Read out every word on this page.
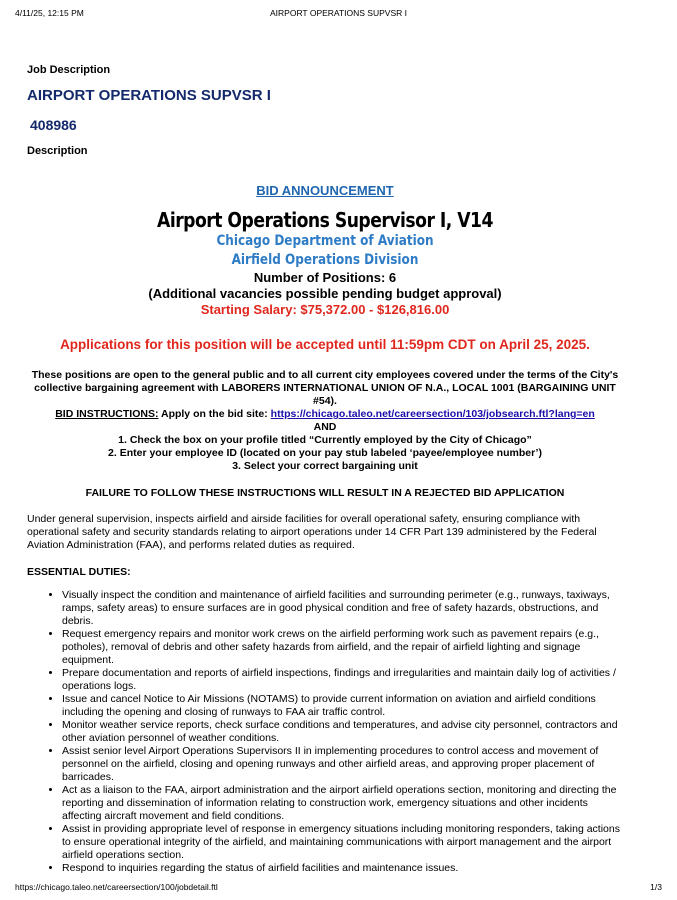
4/11/25, 12:15 PM	AIRPORT OPERATIONS SUPVSR I
Job Description
AIRPORT OPERATIONS SUPVSR I
408986
Description

BID ANNOUNCEMENT

Airport Operations Supervisor I, V14

Chicago Department of Aviation

Airfield Operations Division

Number of Positions: 6

(Additional vacancies possible pending budget approval)

Starting Salary: $75,372.00 - $126,816.00

Applications for this position will be accepted until 11:59pm CDT on April 25, 2025.

These positions are open to the general public and to all current city employees covered under the terms of the City's collective bargaining agreement with LABORERS INTERNATIONAL UNION OF N.A., LOCAL 1001 (BARGAINING UNIT #54).

BID INSTRUCTIONS: Apply on the bid site: https://chicago.taleo.net/careersection/103/jobsearch.ftl?lang=en

AND

1. Check the box on your profile titled “Currently employed by the City of Chicago”

2. Enter your employee ID (located on your pay stub labeled ‘payee/employee number’)

3. Select your correct bargaining unit

FAILURE TO FOLLOW THESE INSTRUCTIONS WILL RESULT IN A REJECTED BID APPLICATION

Under general supervision, inspects airfield and airside facilities for overall operational safety, ensuring compliance with operational safety and security standards relating to airport operations under 14 CFR Part 139 administered by the Federal Aviation Administration (FAA), and performs related duties as required.

ESSENTIAL DUTIES:

• Visually inspect the condition and maintenance of airfield facilities and surrounding perimeter (e.g., runways, taxiways, ramps, safety areas) to ensure surfaces are in good physical condition and free of safety hazards, obstructions, and debris.
• Request emergency repairs and monitor work crews on the airfield performing work such as pavement repairs (e.g., potholes), removal of debris and other safety hazards from airfield, and the repair of airfield lighting and signage equipment.
• Prepare documentation and reports of airfield inspections, findings and irregularities and maintain daily log of activities / operations logs.
• Issue and cancel Notice to Air Missions (NOTAMS) to provide current information on aviation and airfield conditions including the opening and closing of runways to FAA air traffic control.
• Monitor weather service reports, check surface conditions and temperatures, and advise city personnel, contractors and other aviation personnel of weather conditions.
• Assist senior level Airport Operations Supervisors II in implementing procedures to control access and movement of personnel on the airfield, closing and opening runways and other airfield areas, and approving proper placement of barricades.
• Act as a liaison to the FAA, airport administration and the airport airfield operations section, monitoring and directing the reporting and dissemination of information relating to construction work, emergency situations and other incidents affecting aircraft movement and field conditions.
• Assist in providing appropriate level of response in emergency situations including monitoring responders, taking actions to ensure operational integrity of the airfield, and maintaining communications with airport management and the airport airfield operations section.
• Respond to inquiries regarding the status of airfield facilities and maintenance issues.
https://chicago.taleo.net/careersection/100/jobdetail.ftl	1/3
